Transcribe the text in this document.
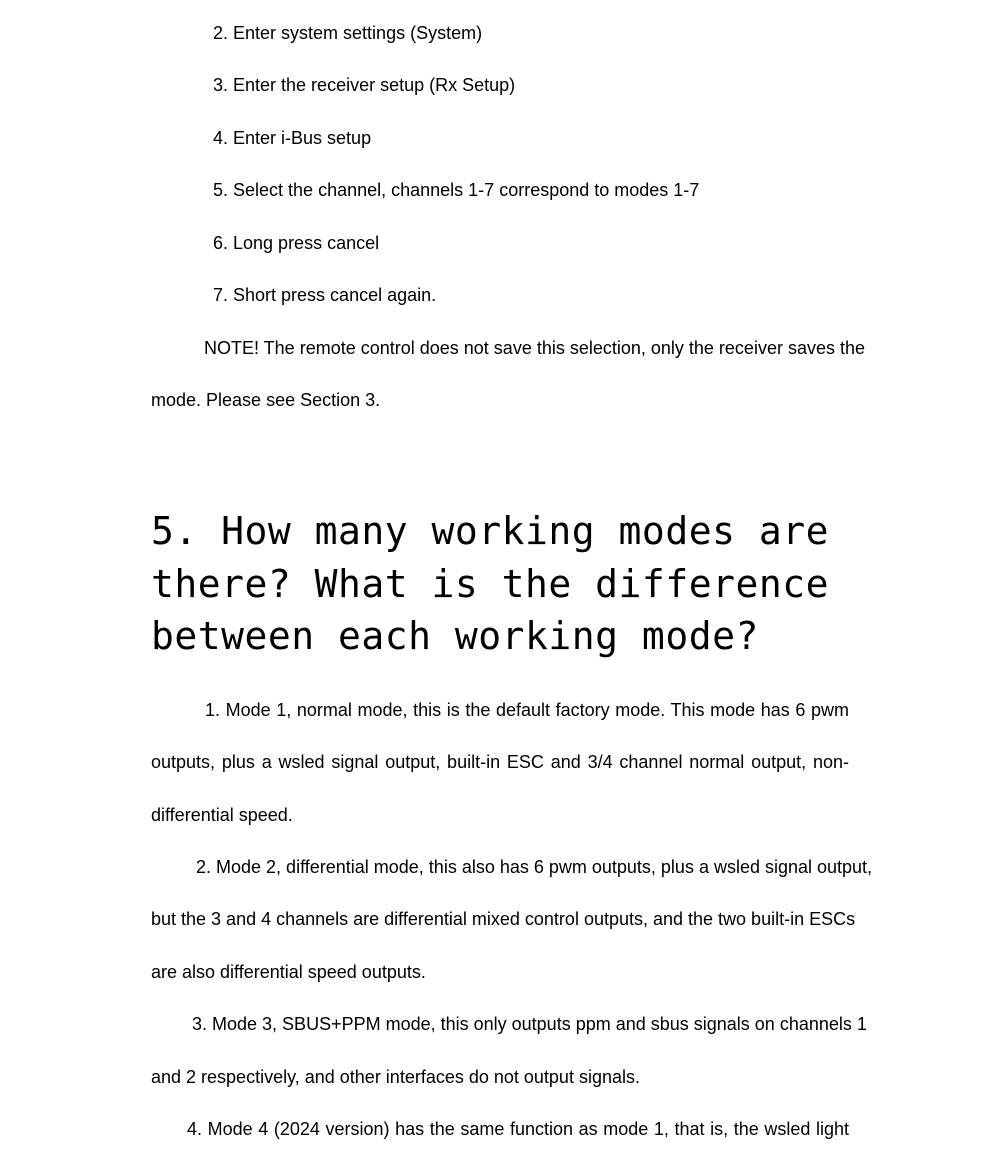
2. Enter system settings (System)
3. Enter the receiver setup (Rx Setup)
4. Enter i-Bus setup
5. Select the channel, channels 1-7 correspond to modes 1-7
6. Long press cancel
7. Short press cancel again.
NOTE! The remote control does not save this selection, only the receiver saves the
mode. Please see Section 3.
5. How many working modes are
there? What is the difference
between each working mode?
1. Mode 1, normal mode, this is the default factory mode. This mode has 6 pwm
outputs, plus a wsled signal output, built-in ESC and 3/4 channel normal output, non-
differential speed.
2. Mode 2, differential mode, this also has 6 pwm outputs, plus a wsled signal output,
but the 3 and 4 channels are differential mixed control outputs, and the two built-in ESCs
are also differential speed outputs.
3. Mode 3, SBUS+PPM mode, this only outputs ppm and sbus signals on channels 1
and 2 respectively, and other interfaces do not output signals.
4. Mode 4 (2024 version) has the same function as mode 1, that is, the wsled light
